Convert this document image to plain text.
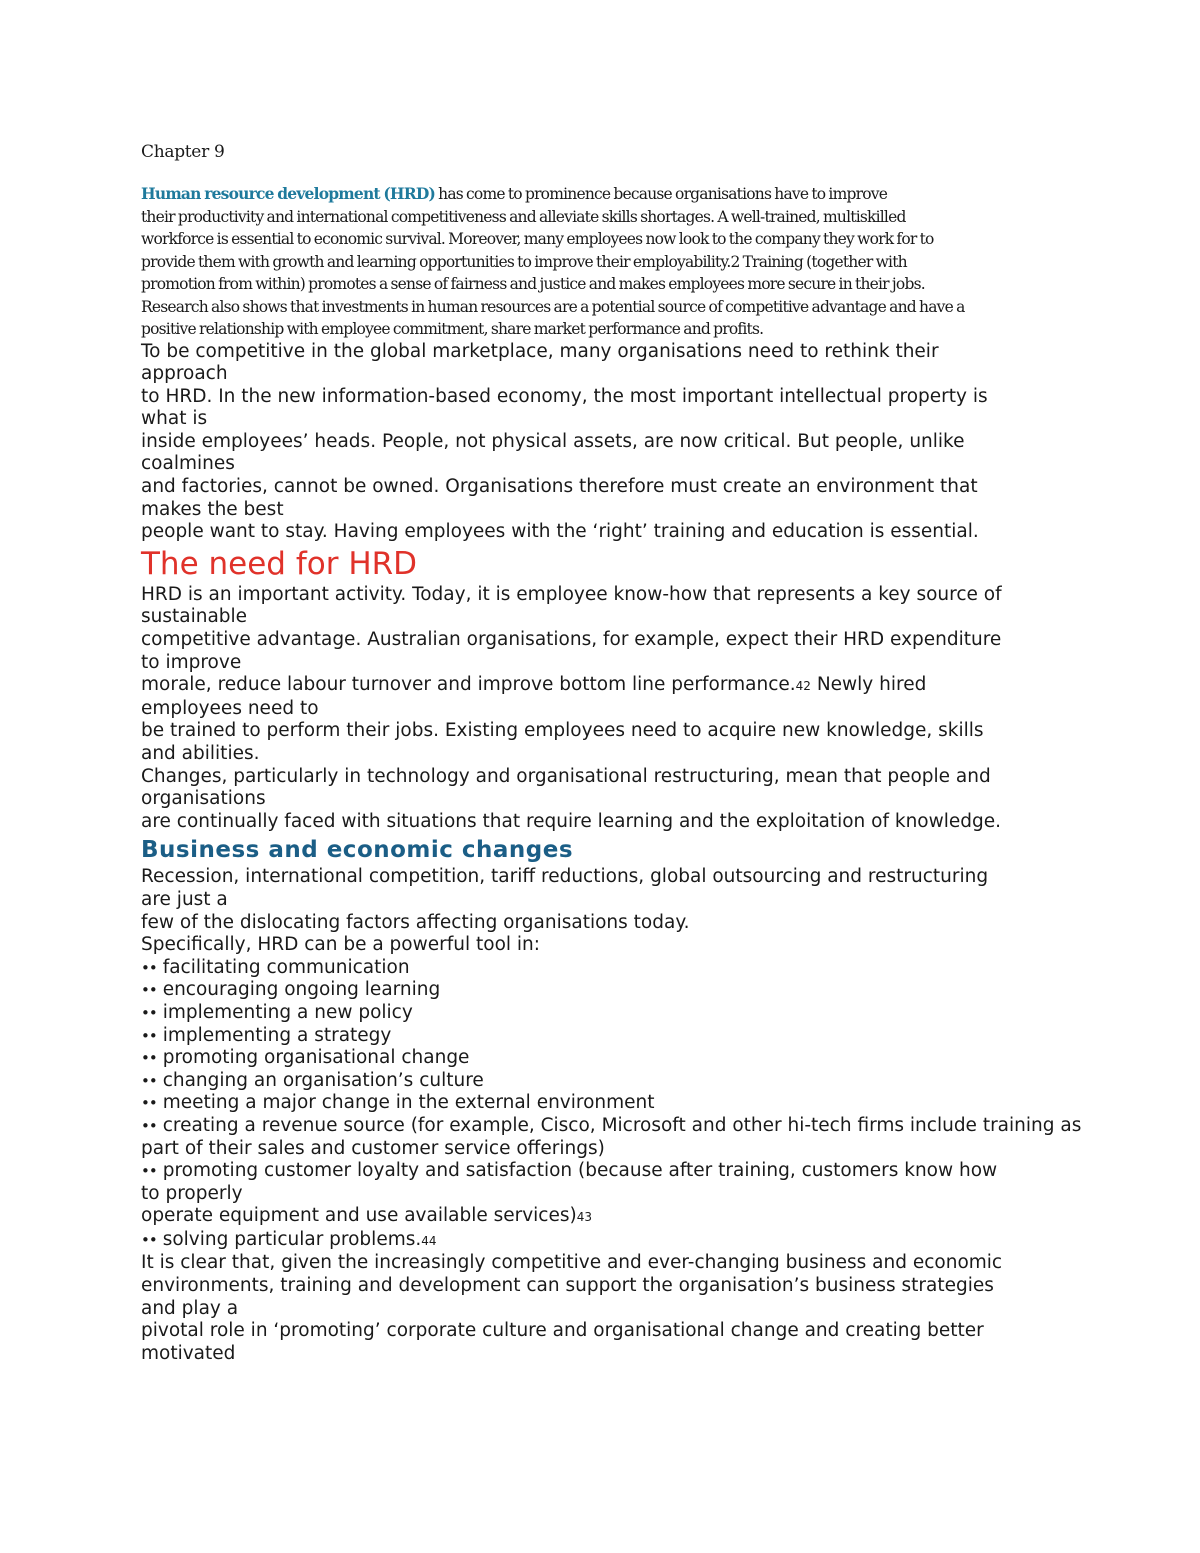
Chapter 9
Human resource development (HRD) has come to prominence because organisations have to improve
their productivity and international competitiveness and alleviate skills shortages. A well-trained, multiskilled
workforce is essential to economic survival. Moreover, many employees now look to the company they work for to
provide them with growth and learning opportunities to improve their employability.2 Training (together with
promotion from within) promotes a sense of fairness and justice and makes employees more secure in their jobs.
Research also shows that investments in human resources are a potential source of competitive advantage and have a
positive relationship with employee commitment, share market performance and profits.
To be competitive in the global marketplace, many organisations need to rethink their
approach
to HRD. In the new information-based economy, the most important intellectual property is
what is
inside employees’ heads. People, not physical assets, are now critical. But people, unlike
coalmines
and factories, cannot be owned. Organisations therefore must create an environment that
makes the best
people want to stay. Having employees with the ‘right’ training and education is essential.
The need for HRD
HRD is an important activity. Today, it is employee know-how that represents a key source of
sustainable
competitive advantage. Australian organisations, for example, expect their HRD expenditure
to improve
morale, reduce labour turnover and improve bottom line performance.42 Newly hired
employees need to
be trained to perform their jobs. Existing employees need to acquire new knowledge, skills
and abilities.
Changes, particularly in technology and organisational restructuring, mean that people and
organisations
are continually faced with situations that require learning and the exploitation of knowledge.
Business and economic changes
Recession, international competition, tariff reductions, global outsourcing and restructuring
are just a
few of the dislocating factors affecting organisations today.
Specifically, HRD can be a powerful tool in:
•• facilitating communication
•• encouraging ongoing learning
•• implementing a new policy
•• implementing a strategy
•• promoting organisational change
•• changing an organisation’s culture
•• meeting a major change in the external environment
•• creating a revenue source (for example, Cisco, Microsoft and other hi-tech firms include training as
part of their sales and customer service offerings)
•• promoting customer loyalty and satisfaction (because after training, customers know how
to properly
operate equipment and use available services)43
•• solving particular problems.44
It is clear that, given the increasingly competitive and ever-changing business and economic
environments, training and development can support the organisation’s business strategies
and play a
pivotal role in ‘promoting’ corporate culture and organisational change and creating better
motivated
